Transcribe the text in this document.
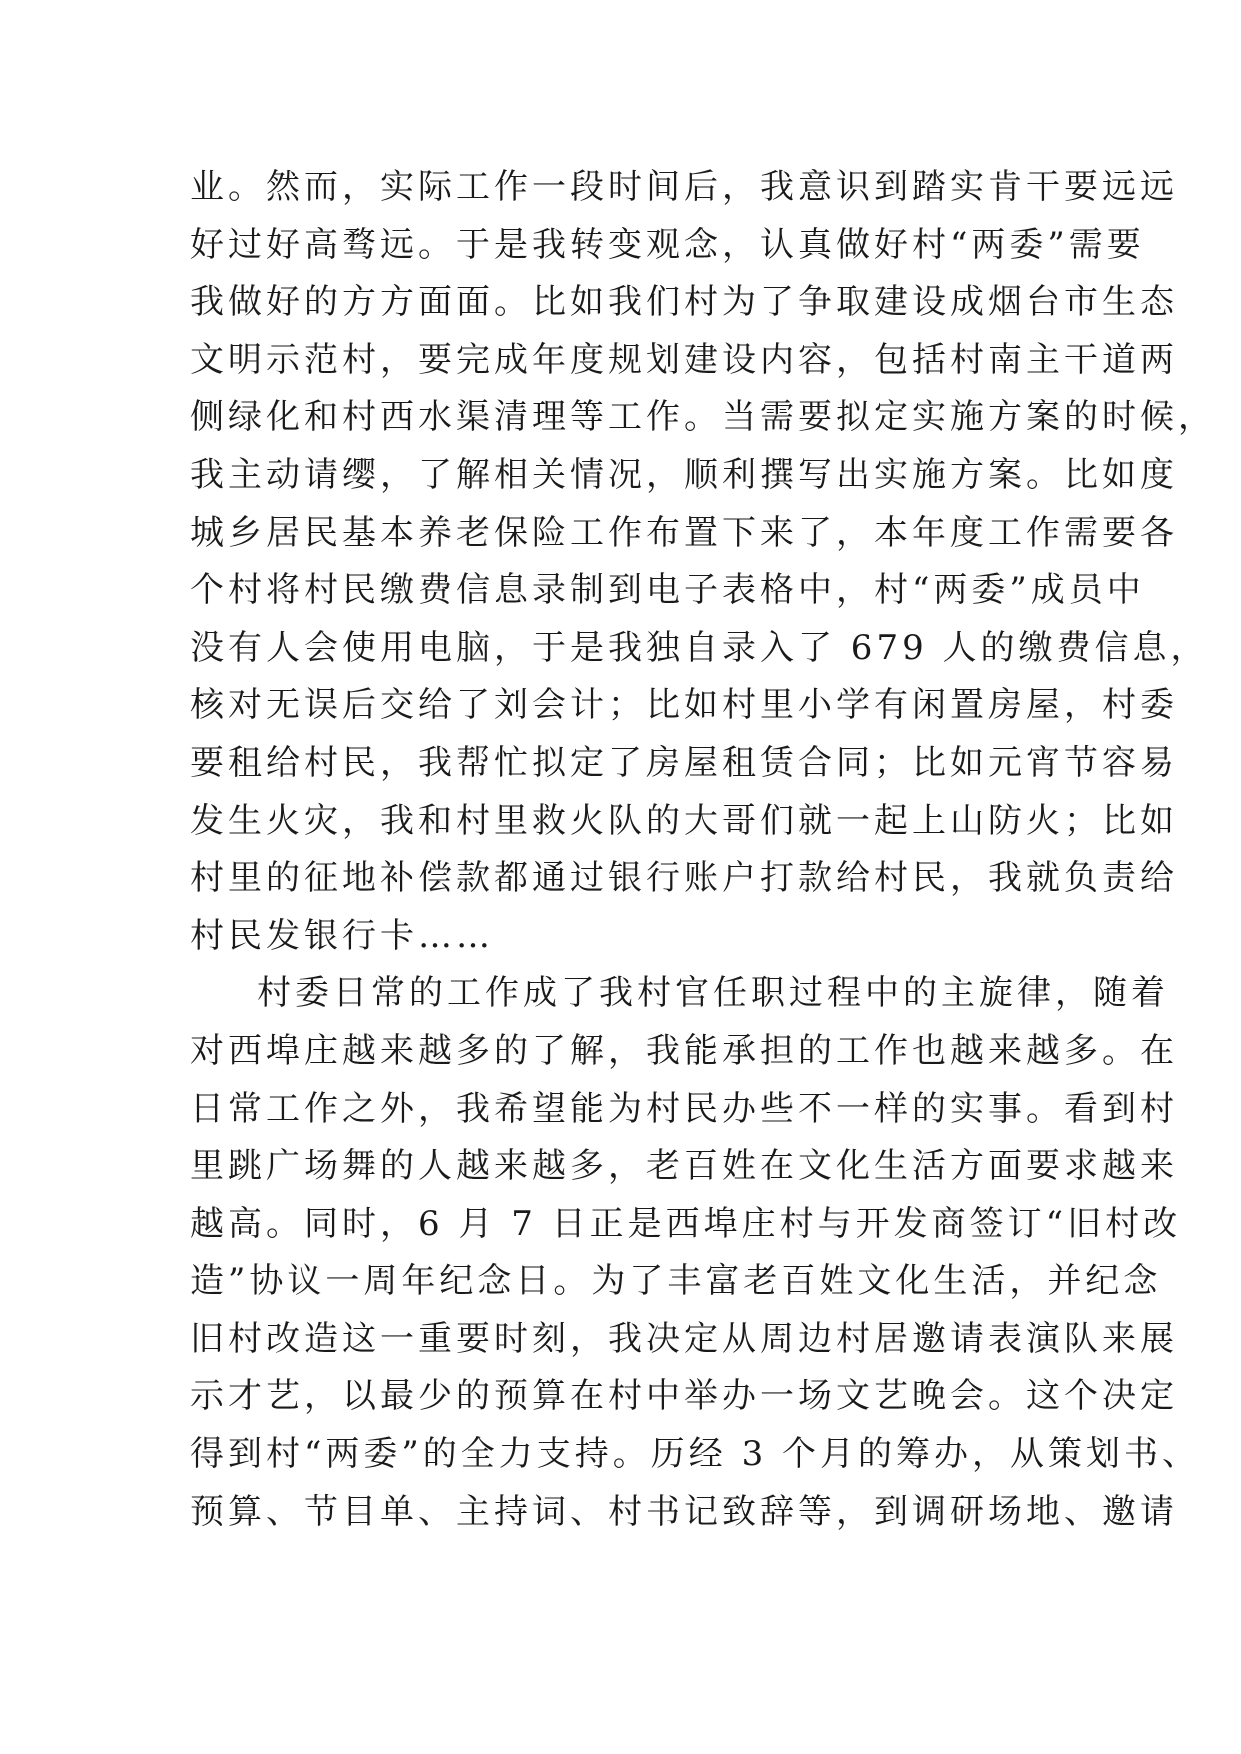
业。然而，实际工作一段时间后，我意识到踏实肯干要远远
好过好高骛远。于是我转变观念，认真做好村“两委”需要
我做好的方方面面。比如我们村为了争取建设成烟台市生态
文明示范村，要完成年度规划建设内容，包括村南主干道两
侧绿化和村西水渠清理等工作。当需要拟定实施方案的时候，
我主动请缨，了解相关情况，顺利撰写出实施方案。比如度
城乡居民基本养老保险工作布置下来了，本年度工作需要各
个村将村民缴费信息录制到电子表格中，村“两委”成员中
没有人会使用电脑，于是我独自录入了 679 人的缴费信息，
核对无误后交给了刘会计；比如村里小学有闲置房屋，村委
要租给村民，我帮忙拟定了房屋租赁合同；比如元宵节容易
发生火灾，我和村里救火队的大哥们就一起上山防火；比如
村里的征地补偿款都通过银行账户打款给村民，我就负责给
村民发银行卡……
村委日常的工作成了我村官任职过程中的主旋律，随着
对西埠庄越来越多的了解，我能承担的工作也越来越多。在
日常工作之外，我希望能为村民办些不一样的实事。看到村
里跳广场舞的人越来越多，老百姓在文化生活方面要求越来
越高。同时，6 月 7 日正是西埠庄村与开发商签订“旧村改
造”协议一周年纪念日。为了丰富老百姓文化生活，并纪念
旧村改造这一重要时刻，我决定从周边村居邀请表演队来展
示才艺，以最少的预算在村中举办一场文艺晚会。这个决定
得到村“两委”的全力支持。历经 3 个月的筹办，从策划书、
预算、节目单、主持词、村书记致辞等，到调研场地、邀请
